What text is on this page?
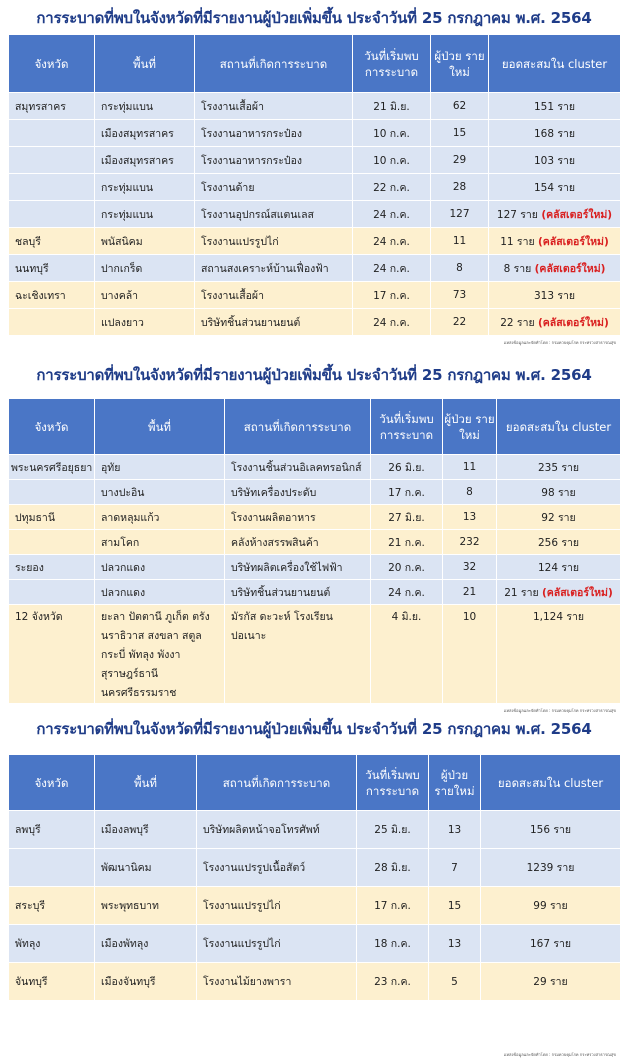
การระบาดที่พบในจังหวัดที่มีรายงานผู้ป่วยเพิ่มขึ้น ประจำวันที่ 25 กรกฎาคม พ.ศ. 2564
จังหวัด	พื้นที่	สถานที่เกิดการระบาด	วันที่เริ่มพบ การระบาด	ผู้ป่วย รายใหม่	ยอดสะสมใน cluster
สมุทรสาคร	กระทุ่มแบน	โรงงานเสื้อผ้า	21 มิ.ย.	62	151 ราย
	เมืองสมุทรสาคร	โรงงานอาหารกระป๋อง	10 ก.ค.	15	168 ราย
	เมืองสมุทรสาคร	โรงงานอาหารกระป๋อง	10 ก.ค.	29	103 ราย
	กระทุ่มแบน	โรงงานด้าย	22 ก.ค.	28	154 ราย
	กระทุ่มแบน	โรงงานอุปกรณ์สแตนเลส	24 ก.ค.	127	127 ราย (คลัสเตอร์ใหม่)
ชลบุรี	พนัสนิคม	โรงงานแปรรูปไก่	24 ก.ค.	11	11 ราย (คลัสเตอร์ใหม่)
นนทบุรี	ปากเกร็ด	สถานสงเคราะห์บ้านเฟื่องฟ้า	24 ก.ค.	8	8 ราย (คลัสเตอร์ใหม่)
ฉะเชิงเทรา	บางคล้า	โรงงานเสื้อผ้า	17 ก.ค.	73	313 ราย
	แปลงยาว	บริษัทชิ้นส่วนยานยนต์	24 ก.ค.	22	22 ราย (คลัสเตอร์ใหม่)
แหล่งข้อมูลและจัดทำโดย : กรมควบคุมโรค กระทรวงสาธารณสุข
การระบาดที่พบในจังหวัดที่มีรายงานผู้ป่วยเพิ่มขึ้น ประจำวันที่ 25 กรกฎาคม พ.ศ. 2564
จังหวัด	พื้นที่	สถานที่เกิดการระบาด	วันที่เริ่มพบ การระบาด	ผู้ป่วย รายใหม่	ยอดสะสมใน cluster
พระนครศรีอยุธยา	อุทัย	โรงงานชิ้นส่วนอิเลคทรอนิกส์	26 มิ.ย.	11	235 ราย
	บางปะอิน	บริษัทเครื่องประดับ	17 ก.ค.	8	98 ราย
ปทุมธานี	ลาดหลุมแก้ว	โรงงานผลิตอาหาร	27 มิ.ย.	13	92 ราย
	สามโคก	คลังห้างสรรพสินค้า	21 ก.ค.	232	256 ราย
ระยอง	ปลวกแดง	บริษัทผลิตเครื่องใช้ไฟฟ้า	20 ก.ค.	32	124 ราย
	ปลวกแดง	บริษัทชิ้นส่วนยานยนต์	24 ก.ค.	21	21 ราย (คลัสเตอร์ใหม่)
12 จังหวัด	ยะลา ปัตตานี ภูเก็ต ตรัง นราธิวาส สงขลา สตูล กระบี่ พัทลุง พังงา สุราษฎร์ธานี นครศรีธรรมราช	มัรกัส ดะวะห์ โรงเรียนปอเนาะ	4 มิ.ย.	10	1,124 ราย
แหล่งข้อมูลและจัดทำโดย : กรมควบคุมโรค กระทรวงสาธารณสุข
การระบาดที่พบในจังหวัดที่มีรายงานผู้ป่วยเพิ่มขึ้น ประจำวันที่ 25 กรกฎาคม พ.ศ. 2564
จังหวัด	พื้นที่	สถานที่เกิดการระบาด	วันที่เริ่มพบ การระบาด	ผู้ป่วย รายใหม่	ยอดสะสมใน cluster
ลพบุรี	เมืองลพบุรี	บริษัทผลิตหน้าจอโทรศัพท์	25 มิ.ย.	13	156 ราย
	พัฒนานิคม	โรงงานแปรรูปเนื้อสัตว์	28 มิ.ย.	7	1239 ราย
สระบุรี	พระพุทธบาท	โรงงานแปรรูปไก่	17 ก.ค.	15	99 ราย
พัทลุง	เมืองพัทลุง	โรงงานแปรรูปไก่	18 ก.ค.	13	167 ราย
จันทบุรี	เมืองจันทบุรี	โรงงานไม้ยางพารา	23 ก.ค.	5	29 ราย
แหล่งข้อมูลและจัดทำโดย : กรมควบคุมโรค กระทรวงสาธารณสุข
